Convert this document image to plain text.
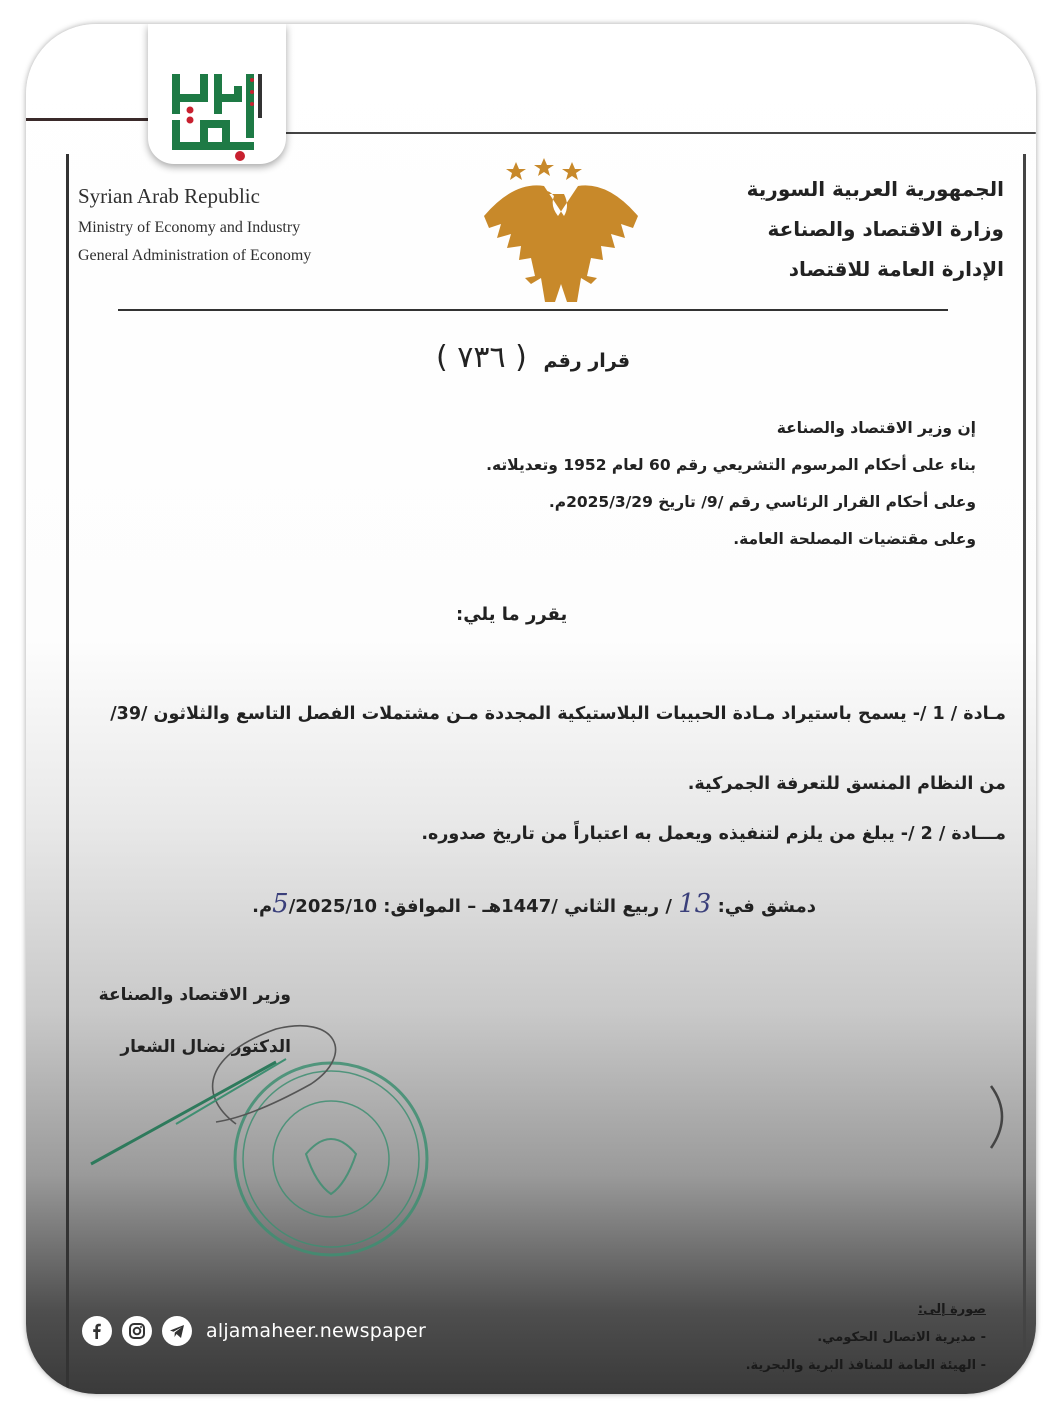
Syrian Arab Republic
Ministry of Economy and Industry
General Administration of Economy
الجمهورية العربية السورية
وزارة الاقتصاد والصناعة
الإدارة العامة للاقتصاد
قرار رقم ( ٧٣٦ )
إن وزير الاقتصاد والصناعة
بناء على أحكام المرسوم التشريعي رقم 60 لعام 1952 وتعديلاته.
وعلى أحكام القرار الرئاسي رقم /9/ تاريخ 2025/3/29م.
وعلى مقتضيات المصلحة العامة.
يقرر ما يلي:
مـادة / 1 /- يسمح باستيراد مـادة الحبيبات البلاستيكية المجددة مـن مشتملات الفصل التاسع والثلاثون /39/
من النظام المنسق للتعرفة الجمركية.
مـــادة / 2 /- يبلغ من يلزم لتنفيذه ويعمل به اعتباراً من تاريخ صدوره.
دمشق في: 13 / ربيع الثاني /1447هـ – الموافق: 5/2025/10م.
وزير الاقتصاد والصناعة
الدكتور نضال الشعار
صورة إلى:
- مديرية الاتصال الحكومي.
- الهيئة العامة للمنافذ البرية والبحرية.
aljamaheer.newspaper
